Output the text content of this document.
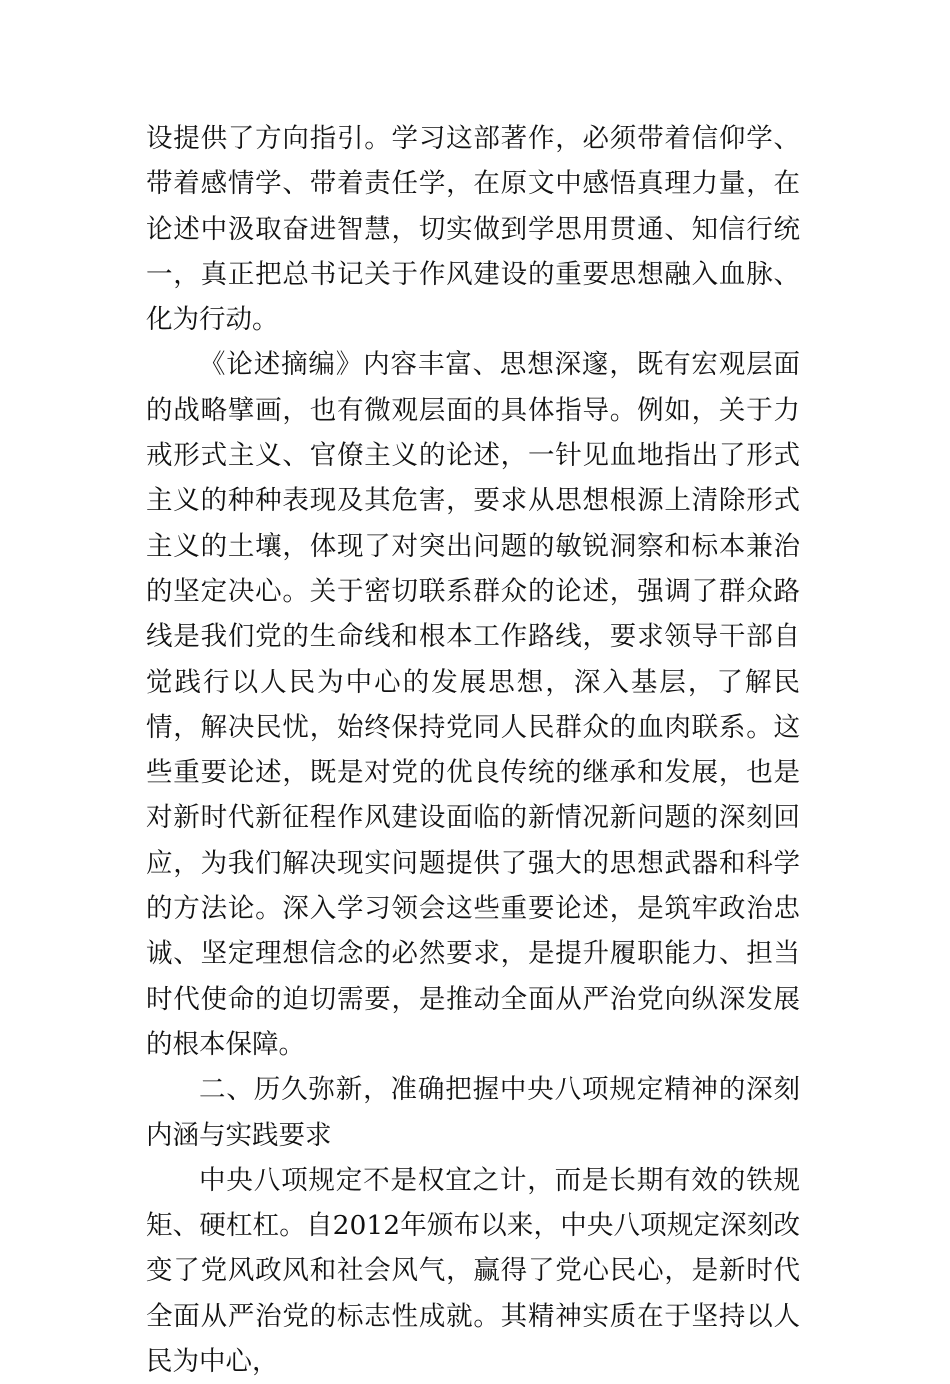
设提供了方向指引。学习这部著作，必须带着信仰学、带着感情学、带着责任学，在原文中感悟真理力量，在论述中汲取奋进智慧，切实做到学思用贯通、知信行统一，真正把总书记关于作风建设的重要思想融入血脉、化为行动。

《论述摘编》内容丰富、思想深邃，既有宏观层面的战略擘画，也有微观层面的具体指导。例如，关于力戒形式主义、官僚主义的论述，一针见血地指出了形式主义的种种表现及其危害，要求从思想根源上清除形式主义的土壤，体现了对突出问题的敏锐洞察和标本兼治的坚定决心。关于密切联系群众的论述，强调了群众路线是我们党的生命线和根本工作路线，要求领导干部自觉践行以人民为中心的发展思想，深入基层，了解民情，解决民忧，始终保持党同人民群众的血肉联系。这些重要论述，既是对党的优良传统的继承和发展，也是对新时代新征程作风建设面临的新情况新问题的深刻回应，为我们解决现实问题提供了强大的思想武器和科学的方法论。深入学习领会这些重要论述，是筑牢政治忠诚、坚定理想信念的必然要求，是提升履职能力、担当时代使命的迫切需要，是推动全面从严治党向纵深发展的根本保障。

二、历久弥新，准确把握中央八项规定精神的深刻内涵与实践要求

中央八项规定不是权宜之计，而是长期有效的铁规矩、硬杠杠。自2012年颁布以来，中央八项规定深刻改变了党风政风和社会风气，赢得了党心民心，是新时代全面从严治党的标志性成就。其精神实质在于坚持以人民为中心，
